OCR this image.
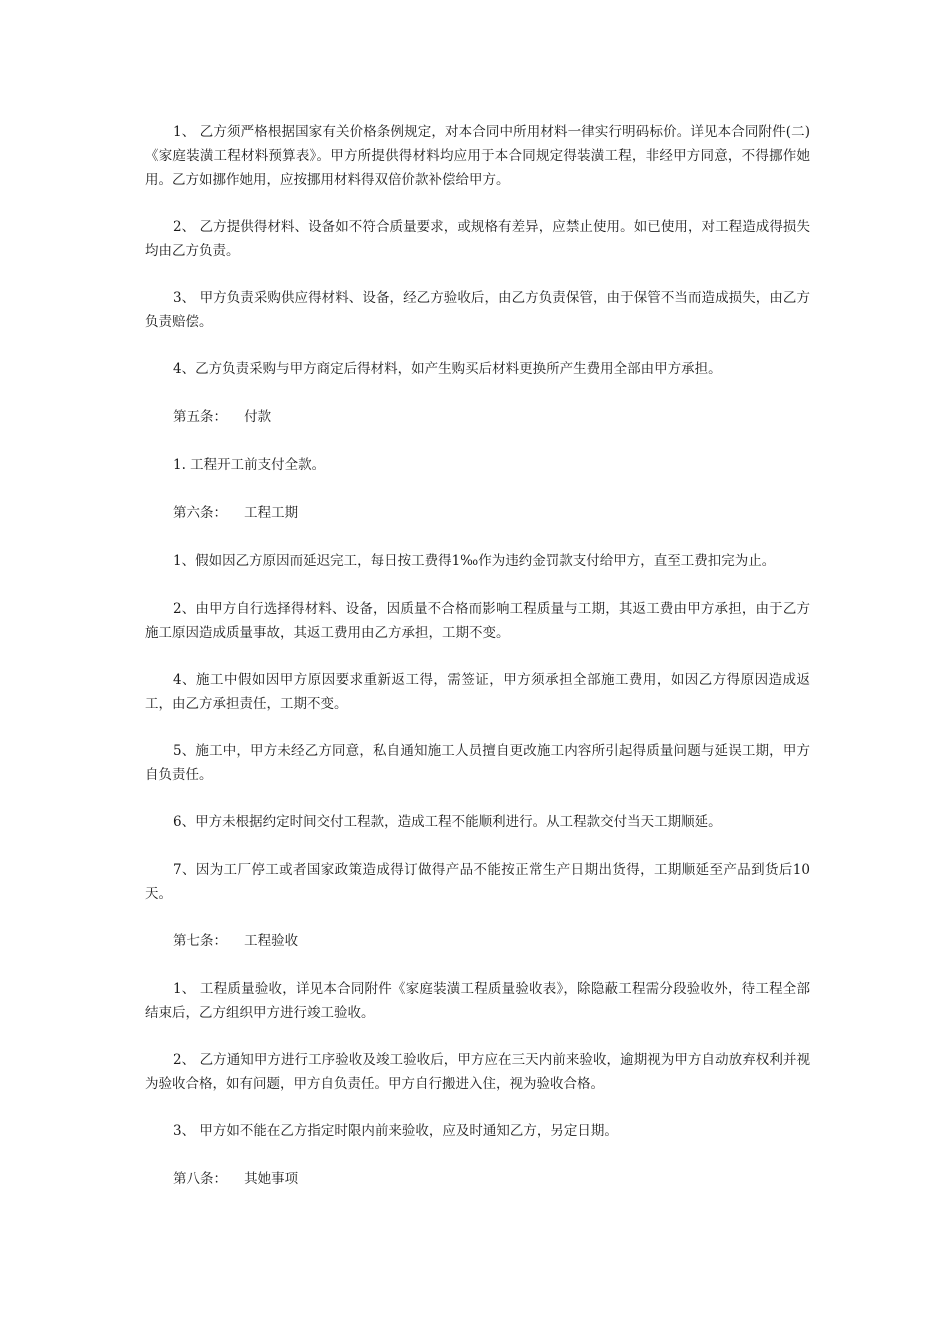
1、 乙方须严格根据国家有关价格条例规定，对本合同中所用材料一律实行明码标价。详见本合同附件(二)《家庭装潢工程材料预算表》。甲方所提供得材料均应用于本合同规定得装潢工程，非经甲方同意，不得挪作她用。乙方如挪作她用，应按挪用材料得双倍价款补偿给甲方。

2、 乙方提供得材料、设备如不符合质量要求，或规格有差异，应禁止使用。如已使用，对工程造成得损失均由乙方负责。

3、 甲方负责采购供应得材料、设备，经乙方验收后，由乙方负责保管，由于保管不当而造成损失，由乙方负责赔偿。

4、乙方负责采购与甲方商定后得材料，如产生购买后材料更换所产生费用全部由甲方承担。

第五条： 付款

1. 工程开工前支付全款。

第六条： 工程工期

1、假如因乙方原因而延迟完工，每日按工费得1‰作为违约金罚款支付给甲方，直至工费扣完为止。

2、由甲方自行选择得材料、设备，因质量不合格而影响工程质量与工期，其返工费由甲方承担，由于乙方施工原因造成质量事故，其返工费用由乙方承担，工期不变。

4、施工中假如因甲方原因要求重新返工得，需签证，甲方须承担全部施工费用，如因乙方得原因造成返工，由乙方承担责任，工期不变。

5、施工中，甲方未经乙方同意，私自通知施工人员擅自更改施工内容所引起得质量问题与延误工期，甲方自负责任。

6、甲方未根据约定时间交付工程款，造成工程不能顺利进行。从工程款交付当天工期顺延。

7、因为工厂停工或者国家政策造成得订做得产品不能按正常生产日期出货得，工期顺延至产品到货后10天。

第七条： 工程验收

1、 工程质量验收，详见本合同附件《家庭装潢工程质量验收表》，除隐蔽工程需分段验收外，待工程全部结束后，乙方组织甲方进行竣工验收。

2、 乙方通知甲方进行工序验收及竣工验收后，甲方应在三天内前来验收，逾期视为甲方自动放弃权利并视为验收合格，如有问题，甲方自负责任。甲方自行搬进入住，视为验收合格。

3、 甲方如不能在乙方指定时限内前来验收，应及时通知乙方，另定日期。

第八条： 其她事项
